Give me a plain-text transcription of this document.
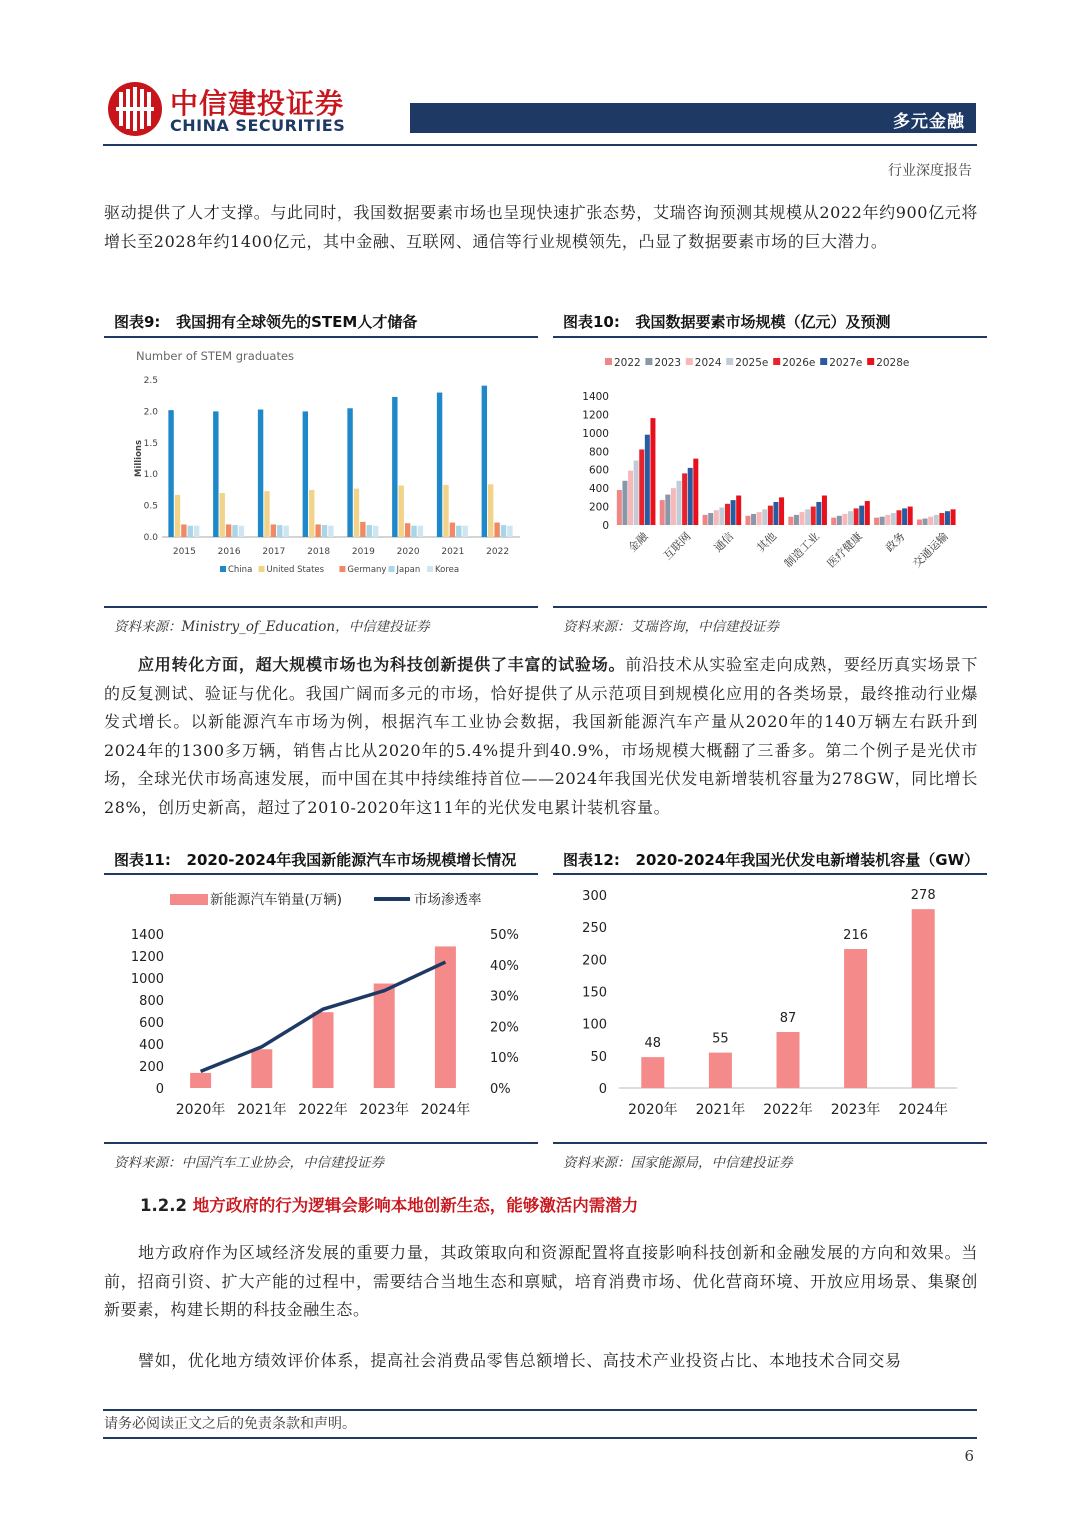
中信建投证券
CHINA SECURITIES	多元金融
行业深度报告
驱动提供了人才支撑。与此同时，我国数据要素市场也呈现快速扩张态势，艾瑞咨询预测其规模从2022年约900亿元将增长至2028年约1400亿元，其中金融、互联网、通信等行业规模领先，凸显了数据要素市场的巨大潜力。
图表9: 我国拥有全球领先的STEM人才储备
Number of STEM graduates
Millions
0.0
0.5
1.0
1.5
2.0
2.5
2015 2016 2017 2018 2019 2020 2021 2022
China United States	Germany Japan Korea
资料来源：Ministry_of_Education，中信建投证券
图表10: 我国数据要素市场规模（亿元）及预测
0
200
400
600
800
1000
1200
1400
金融 互联网 通信 其他 制造工业 医疗健康 政务 交通运输
2022 2023 2024 2025e 2026e 2027e 2028e
资料来源：艾瑞咨询，中信建投证券
应用转化方面，超大规模市场也为科技创新提供了丰富的试验场。前沿技术从实验室走向成熟，要经历真实场景下的反复测试、验证与优化。我国广阔而多元的市场，恰好提供了从示范项目到规模化应用的各类场景，最终推动行业爆发式增长。以新能源汽车市场为例，根据汽车工业协会数据，我国新能源汽车产量从2020年的140万辆左右跃升到2024年的1300多万辆，销售占比从2020年的5.4%提升到40.9%，市场规模大概翻了三番多。第二个例子是光伏市场，全球光伏市场高速发展，而中国在其中持续维持首位——2024年我国光伏发电新增装机容量为278GW，同比增长28%，创历史新高，超过了2010-2020年这11年的光伏发电累计装机容量。
图表11: 2020-2024年我国新能源汽车市场规模增长情况
0
200
400
600
800
1000
1200
1400
0%
10%
20%
30%
40%
50%
2020年 2021年 2022年 2023年 2024年
新能源汽车销量(万辆)	市场渗透率
资料来源：中国汽车工业协会，中信建投证券
图表12: 2020-2024年我国光伏发电新增装机容量（GW）
0
50
100
150
200
250
300
48
2020年
55
2021年
87
2022年
216
2023年
278
2024年
资料来源：国家能源局，中信建投证券
1.2.2 地方政府的行为逻辑会影响本地创新生态，能够激活内需潜力
地方政府作为区域经济发展的重要力量，其政策取向和资源配置将直接影响科技创新和金融发展的方向和效果。当前，招商引资、扩大产能的过程中，需要结合当地生态和禀赋，培育消费市场、优化营商环境、开放应用场景、集聚创新要素，构建长期的科技金融生态。
譬如，优化地方绩效评价体系，提高社会消费品零售总额增长、高技术产业投资占比、本地技术合同交易
请务必阅读正文之后的免责条款和声明。
6
